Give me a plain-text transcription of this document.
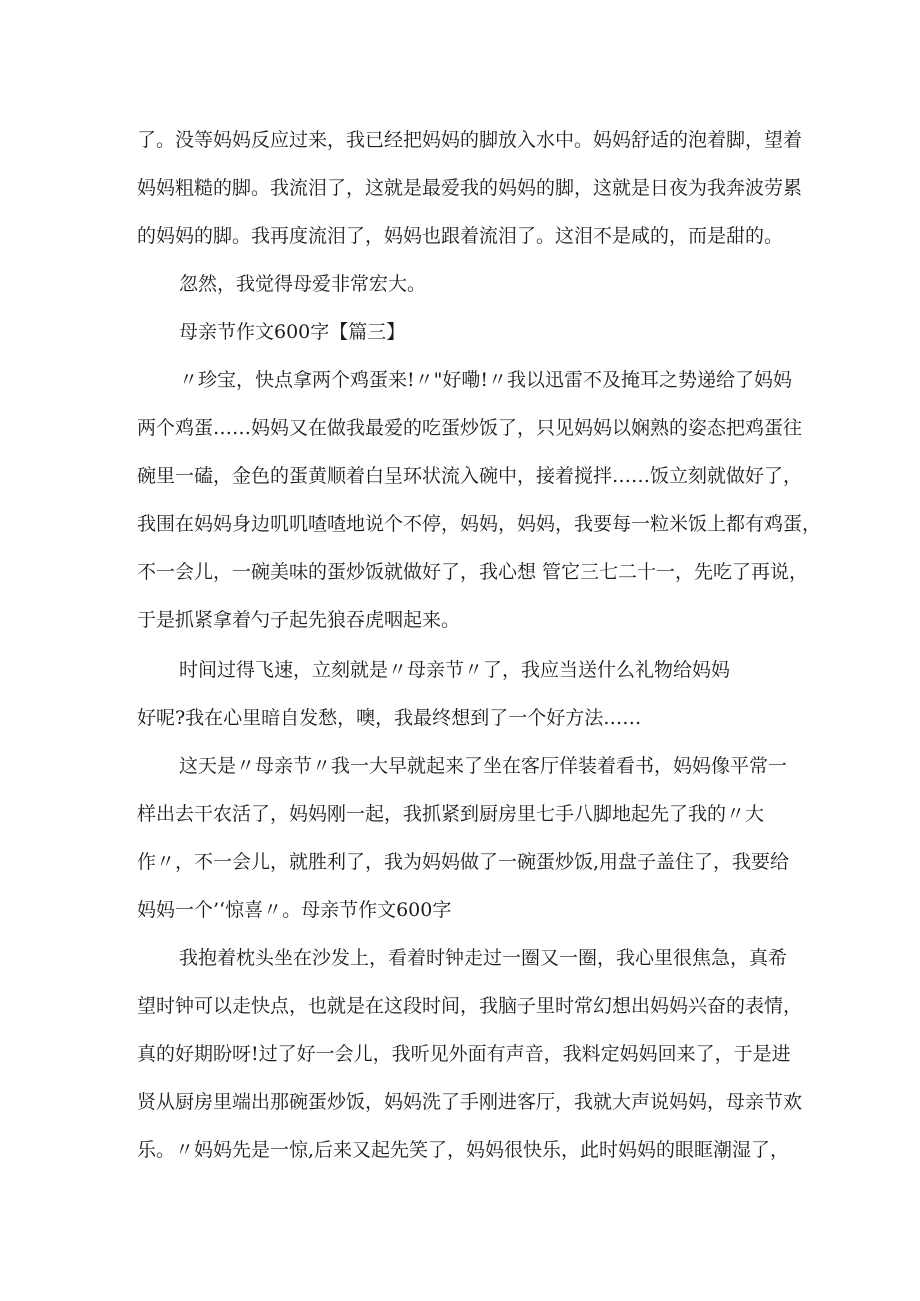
了。没等妈妈反应过来，我已经把妈妈的脚放入水中。妈妈舒适的泡着脚，望着

妈妈粗糙的脚。我流泪了，这就是最爱我的妈妈的脚，这就是日夜为我奔波劳累

的妈妈的脚。我再度流泪了，妈妈也跟着流泪了。这泪不是咸的，而是甜的。

忽然，我觉得母爱非常宏大。

母亲节作文600字【篇三】

〃珍宝，快点拿两个鸡蛋来!〃"好嘞!〃我以迅雷不及掩耳之势递给了妈妈

两个鸡蛋……妈妈又在做我最爱的吃蛋炒饭了，只见妈妈以娴熟的姿态把鸡蛋往

碗里一磕，金色的蛋黄顺着白呈环状流入碗中，接着搅拌……饭立刻就做好了，

我围在妈妈身边叽叽喳喳地说个不停，妈妈，妈妈，我要每一粒米饭上都有鸡蛋，

不一会儿，一碗美味的蛋炒饭就做好了，我心想 管它三七二十一，先吃了再说，

于是抓紧拿着勺子起先狼吞虎咽起来。

时间过得飞速，立刻就是〃母亲节〃了，我应当送什么礼物给妈妈

好呢?我在心里暗自发愁，噢，我最终想到了一个好方法……

这天是〃母亲节〃我一大早就起来了坐在客厅佯装着看书，妈妈像平常一

样出去干农活了，妈妈刚一起，我抓紧到厨房里七手八脚地起先了我的〃大

作〃，不一会儿，就胜利了，我为妈妈做了一碗蛋炒饭,用盘子盖住了，我要给

妈妈一个’‘惊喜〃。母亲节作文600字

我抱着枕头坐在沙发上，看着时钟走过一圈又一圈，我心里很焦急，真希

望时钟可以走快点，也就是在这段时间，我脑子里时常幻想出妈妈兴奋的表情，

真的好期盼呀!过了好一会儿，我听见外面有声音，我料定妈妈回来了，于是进

贤从厨房里端出那碗蛋炒饭，妈妈洗了手刚进客厅，我就大声说妈妈，母亲节欢

乐。〃妈妈先是一惊,后来又起先笑了，妈妈很快乐，此时妈妈的眼眶潮湿了，
